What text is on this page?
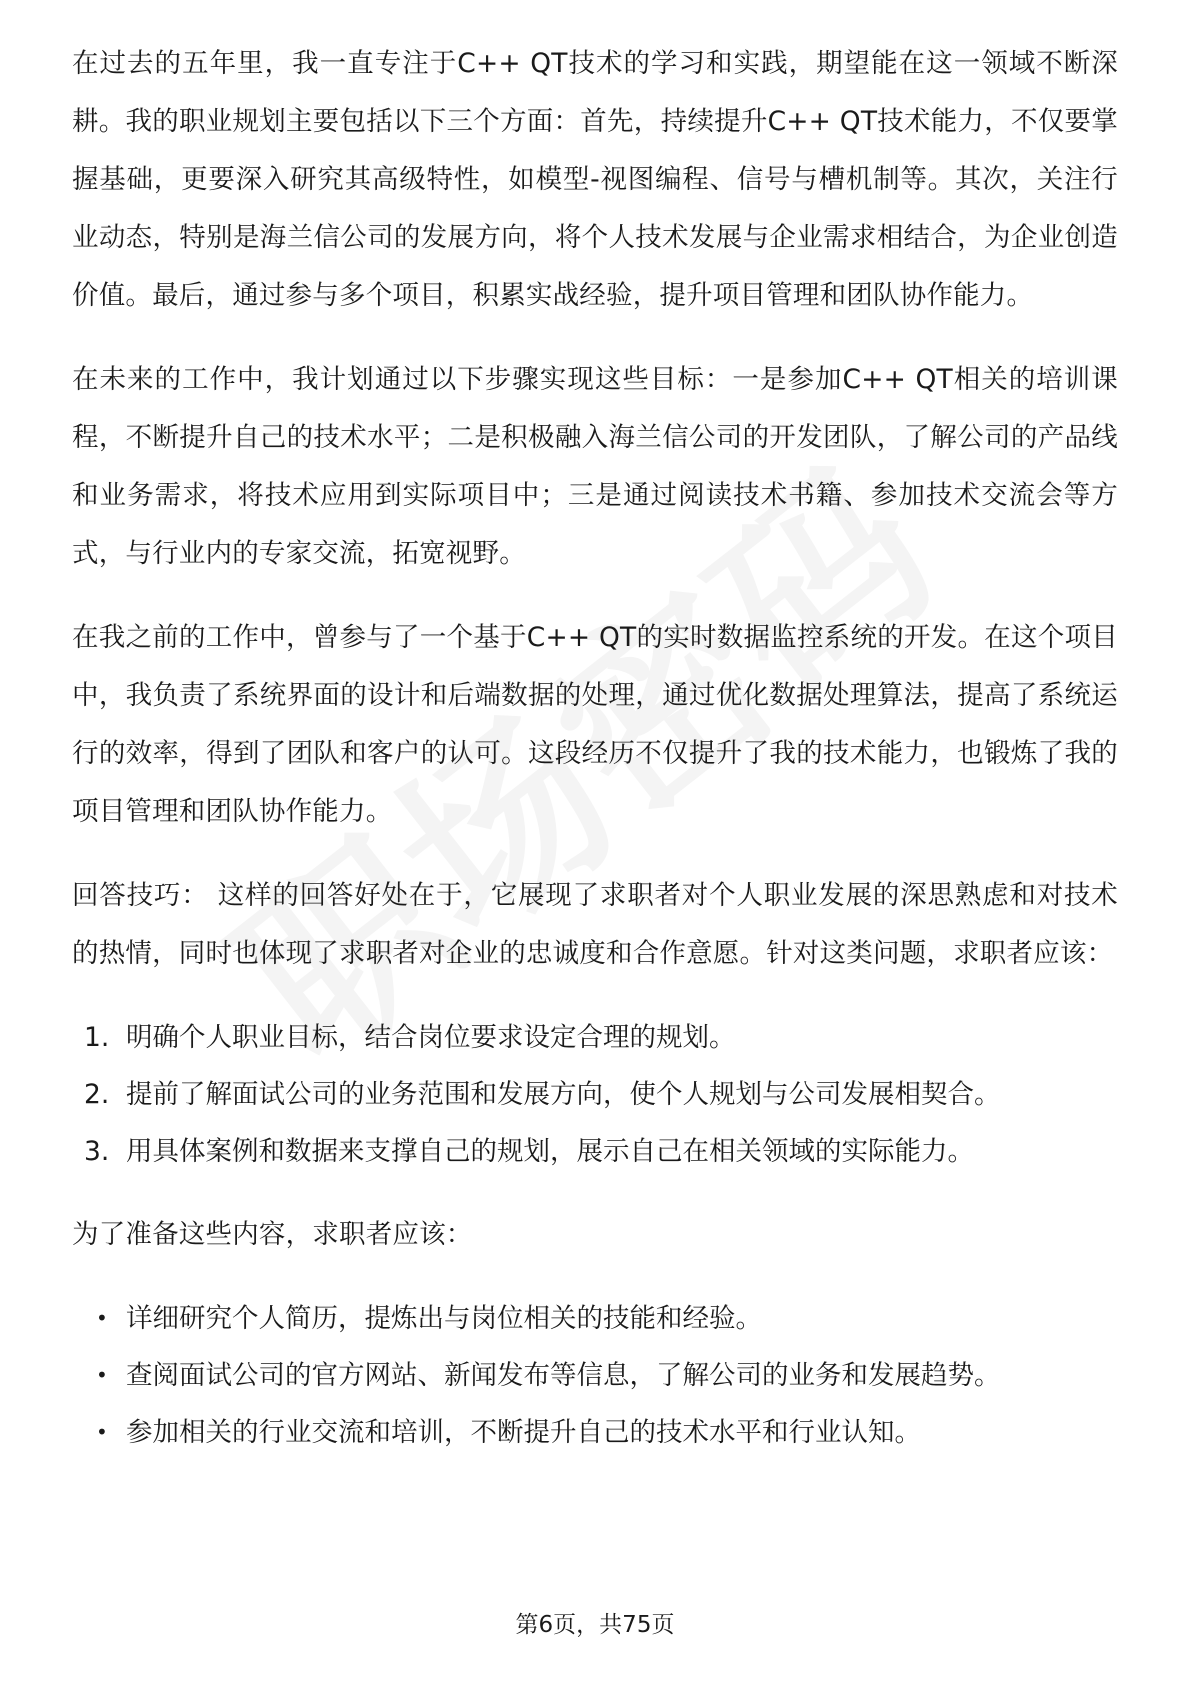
在过去的五年里，我一直专注于C++ QT技术的学习和实践，期望能在这一领域不断深耕。我的职业规划主要包括以下三个方面：首先，持续提升C++ QT技术能力，不仅要掌握基础，更要深入研究其高级特性，如模型-视图编程、信号与槽机制等。其次，关注行业动态，特别是海兰信公司的发展方向，将个人技术发展与企业需求相结合，为企业创造价值。最后，通过参与多个项目，积累实战经验，提升项目管理和团队协作能力。

在未来的工作中，我计划通过以下步骤实现这些目标：一是参加C++ QT相关的培训课程，不断提升自己的技术水平；二是积极融入海兰信公司的开发团队，了解公司的产品线和业务需求，将技术应用到实际项目中；三是通过阅读技术书籍、参加技术交流会等方式，与行业内的专家交流，拓宽视野。

在我之前的工作中，曾参与了一个基于C++ QT的实时数据监控系统的开发。在这个项目中，我负责了系统界面的设计和后端数据的处理，通过优化数据处理算法，提高了系统运行的效率，得到了团队和客户的认可。这段经历不仅提升了我的技术能力，也锻炼了我的项目管理和团队协作能力。

回答技巧： 这样的回答好处在于，它展现了求职者对个人职业发展的深思熟虑和对技术的热情，同时也体现了求职者对企业的忠诚度和合作意愿。针对这类问题，求职者应该：

1. 明确个人职业目标，结合岗位要求设定合理的规划。
2. 提前了解面试公司的业务范围和发展方向，使个人规划与公司发展相契合。
3. 用具体案例和数据来支撑自己的规划，展示自己在相关领域的实际能力。

为了准备这些内容，求职者应该：

• 详细研究个人简历，提炼出与岗位相关的技能和经验。
• 查阅面试公司的官方网站、新闻发布等信息，了解公司的业务和发展趋势。
• 参加相关的行业交流和培训，不断提升自己的技术水平和行业认知。
第6页，共75页
